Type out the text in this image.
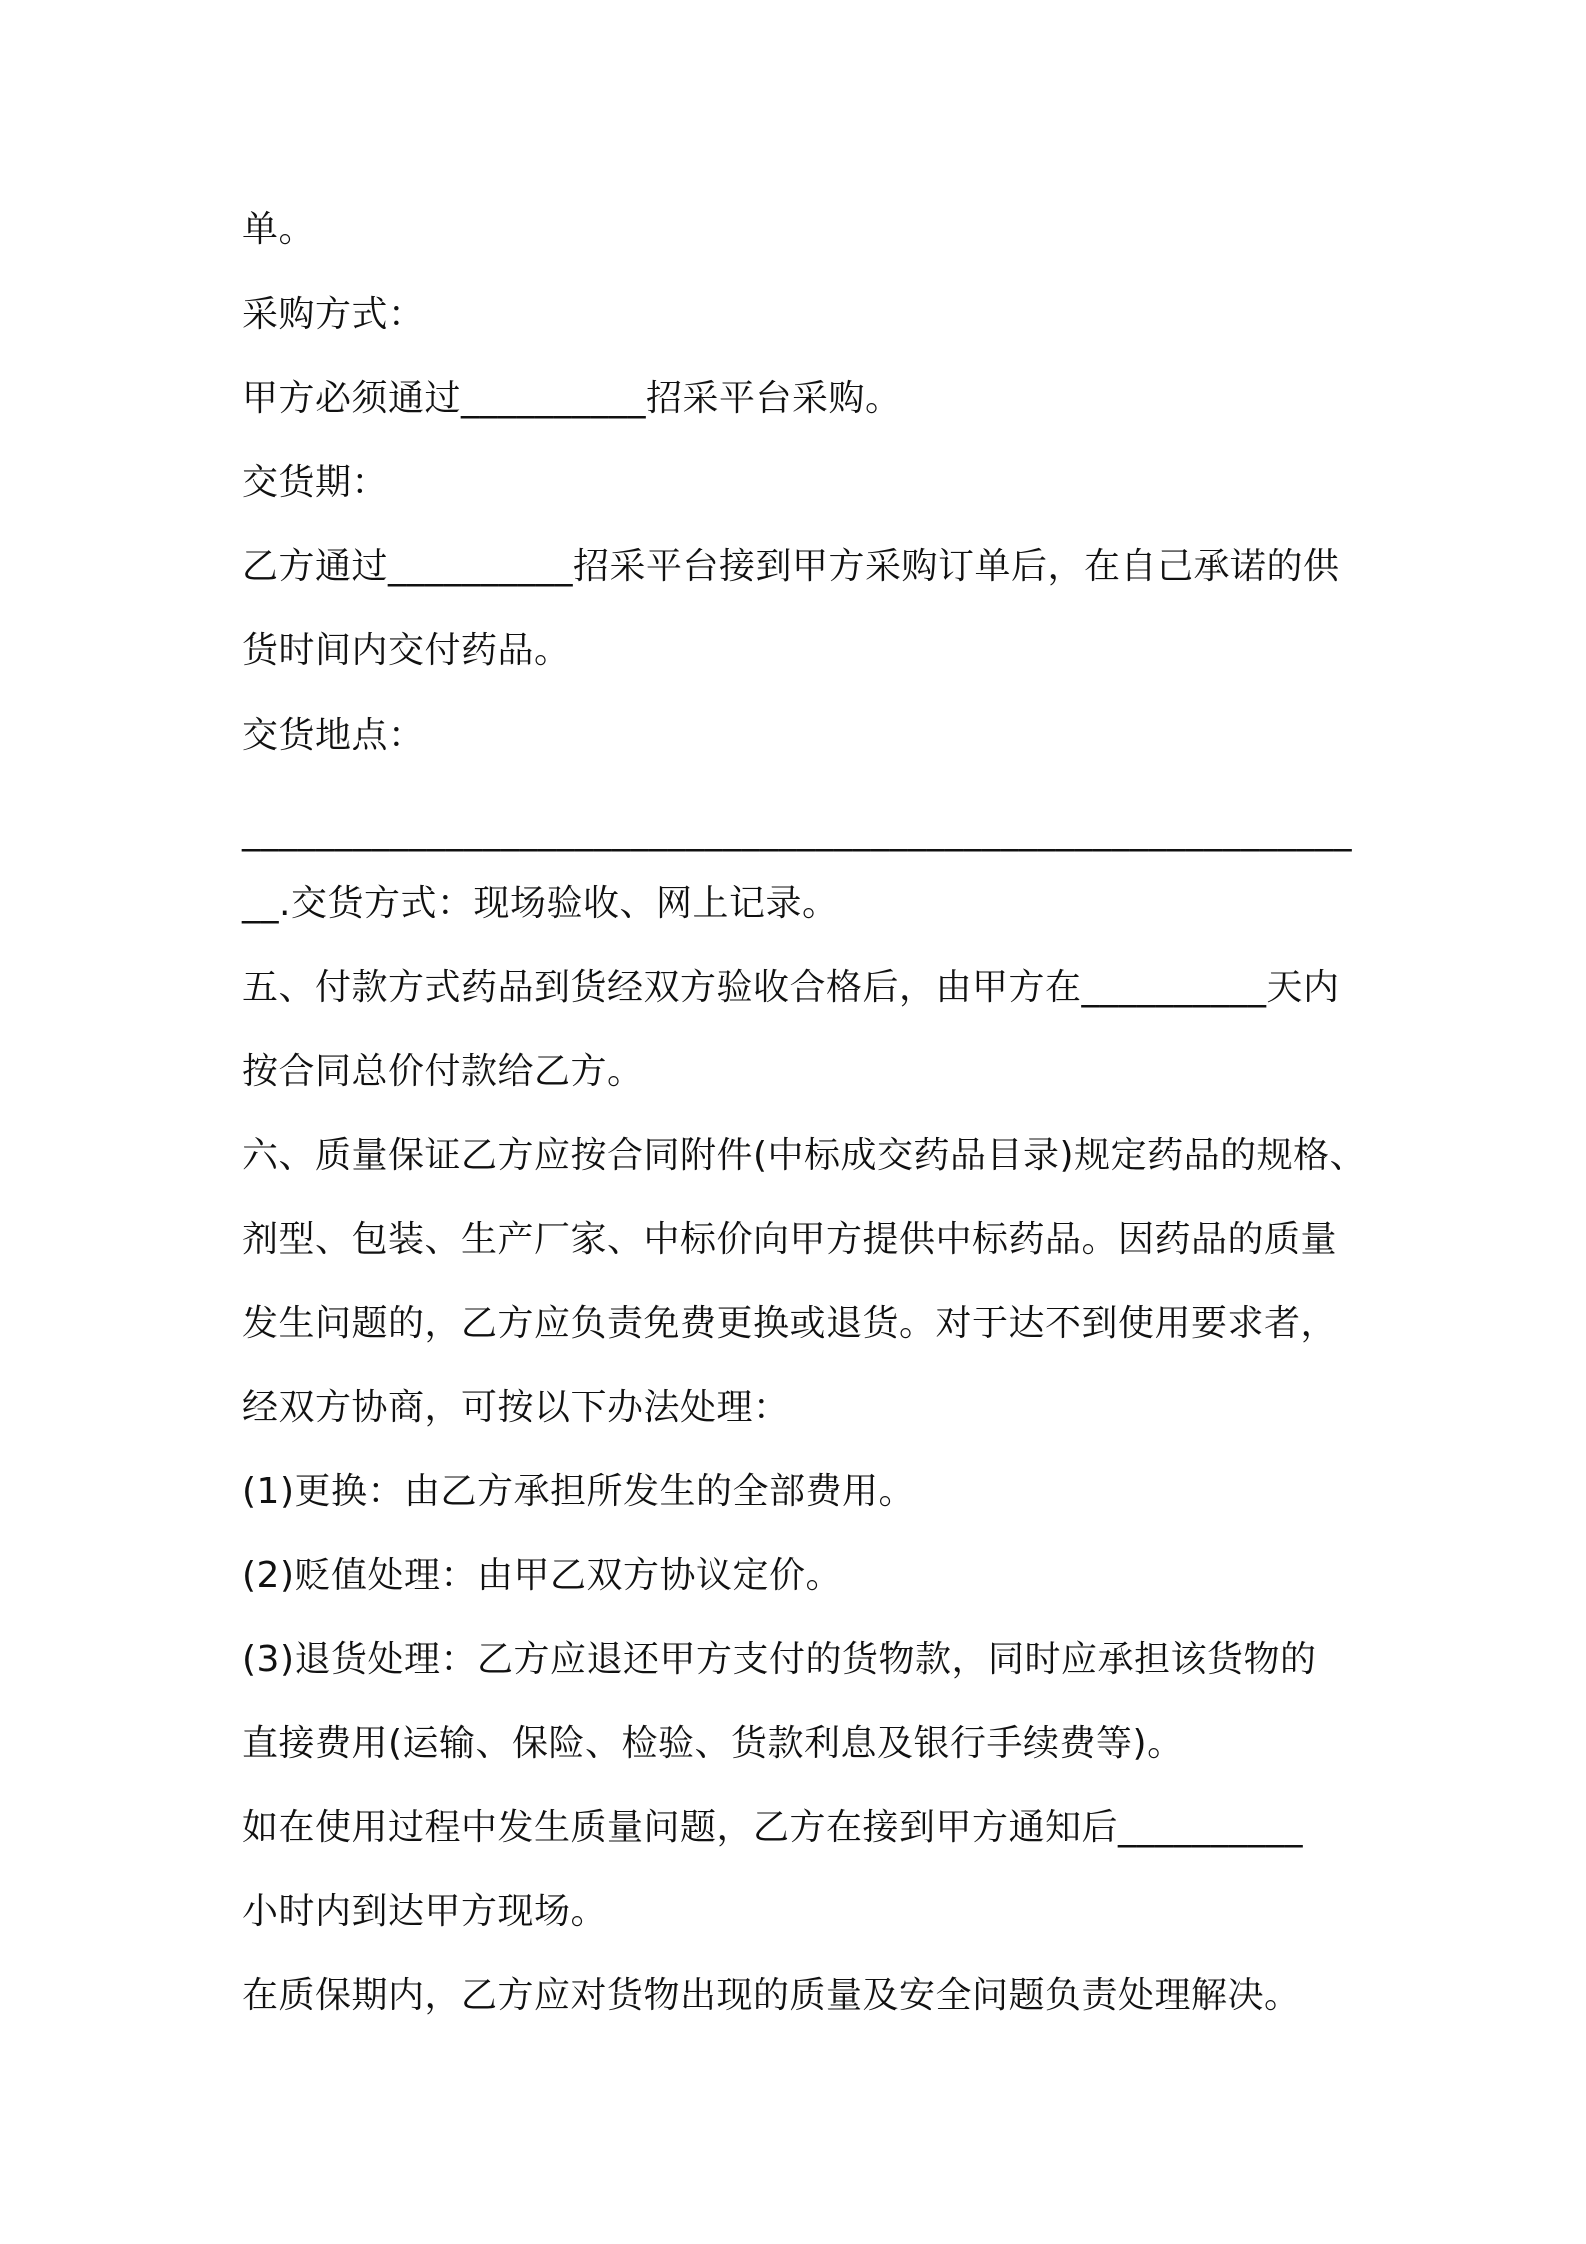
单。
采购方式：
甲方必须通过__________招采平台采购。
交货期：
乙方通过__________招采平台接到甲方采购订单后，在自己承诺的供
货时间内交付药品。
交货地点：
____________________________________________________________
__.交货方式：现场验收、网上记录。
五、付款方式药品到货经双方验收合格后，由甲方在__________天内
按合同总价付款给乙方。
六、质量保证乙方应按合同附件(中标成交药品目录)规定药品的规格、
剂型、包装、生产厂家、中标价向甲方提供中标药品。因药品的质量
发生问题的，乙方应负责免费更换或退货。对于达不到使用要求者，
经双方协商，可按以下办法处理：
(1)更换：由乙方承担所发生的全部费用。
(2)贬值处理：由甲乙双方协议定价。
(3)退货处理：乙方应退还甲方支付的货物款，同时应承担该货物的
直接费用(运输、保险、检验、货款利息及银行手续费等)。
如在使用过程中发生质量问题，乙方在接到甲方通知后__________
小时内到达甲方现场。
在质保期内，乙方应对货物出现的质量及安全问题负责处理解决。
